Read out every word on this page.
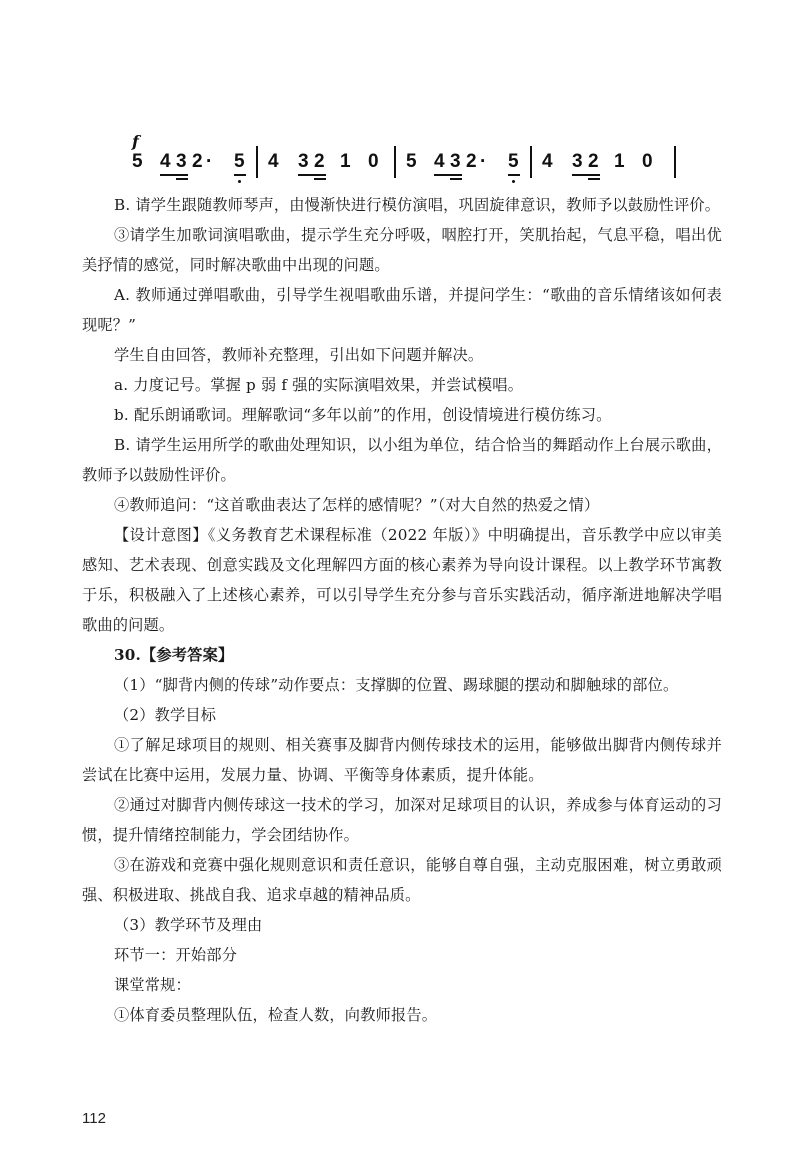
f
5 4 3 2 · 5 4 3 2 1 0 5 4 3 2 · 5 4 3 2 1 0

B. 请学生跟随教师琴声，由慢渐快进行模仿演唱，巩固旋律意识，教师予以鼓励性评价。

③请学生加歌词演唱歌曲，提示学生充分呼吸，咽腔打开，笑肌抬起，气息平稳，唱出优美抒情的感觉，同时解决歌曲中出现的问题。

A. 教师通过弹唱歌曲，引导学生视唱歌曲乐谱，并提问学生：“歌曲的音乐情绪该如何表现呢？”

学生自由回答，教师补充整理，引出如下问题并解决。

a. 力度记号。掌握 p 弱 f 强的实际演唱效果，并尝试模唱。

b. 配乐朗诵歌词。理解歌词“多年以前”的作用，创设情境进行模仿练习。

B. 请学生运用所学的歌曲处理知识，以小组为单位，结合恰当的舞蹈动作上台展示歌曲，教师予以鼓励性评价。

④教师追问：“这首歌曲表达了怎样的感情呢？”（对大自然的热爱之情）

【设计意图】《义务教育艺术课程标准（2022 年版）》中明确提出，音乐教学中应以审美感知、艺术表现、创意实践及文化理解四方面的核心素养为导向设计课程。以上教学环节寓教于乐，积极融入了上述核心素养，可以引导学生充分参与音乐实践活动，循序渐进地解决学唱歌曲的问题。

30.【参考答案】

（1）“脚背内侧的传球”动作要点：支撑脚的位置、踢球腿的摆动和脚触球的部位。

（2）教学目标

①了解足球项目的规则、相关赛事及脚背内侧传球技术的运用，能够做出脚背内侧传球并尝试在比赛中运用，发展力量、协调、平衡等身体素质，提升体能。

②通过对脚背内侧传球这一技术的学习，加深对足球项目的认识，养成参与体育运动的习惯，提升情绪控制能力，学会团结协作。

③在游戏和竞赛中强化规则意识和责任意识，能够自尊自强，主动克服困难，树立勇敢顽强、积极进取、挑战自我、追求卓越的精神品质。

（3）教学环节及理由

环节一：开始部分

课堂常规：

①体育委员整理队伍，检查人数，向教师报告。

112
